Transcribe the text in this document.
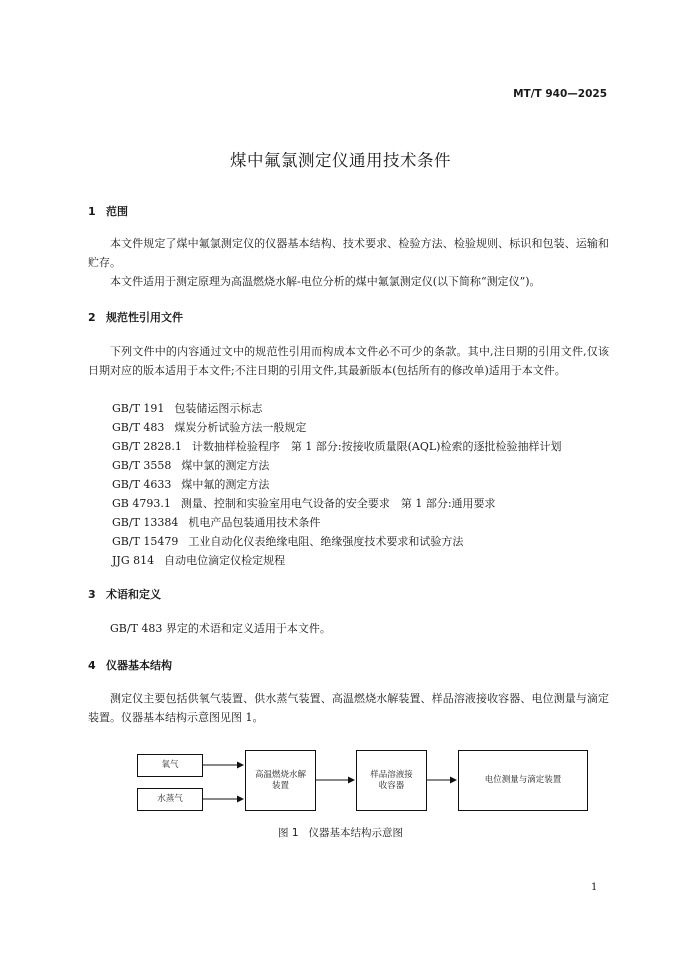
MT/T 940—2025
煤中氟氯测定仪通用技术条件
1 范围
本文件规定了煤中氟氯测定仪的仪器基本结构、技术要求、检验方法、检验规则、标识和包装、运输和贮存。
本文件适用于测定原理为高温燃烧水解-电位分析的煤中氟氯测定仪(以下简称“测定仪”)。
2 规范性引用文件
下列文件中的内容通过文中的规范性引用而构成本文件必不可少的条款。其中,注日期的引用文件,仅该日期对应的版本适用于本文件;不注日期的引用文件,其最新版本(包括所有的修改单)适用于本文件。
GB/T 191 包装储运图示标志
GB/T 483 煤炭分析试验方法一般规定
GB/T 2828.1 计数抽样检验程序　第 1 部分:按接收质量限(AQL)检索的逐批检验抽样计划
GB/T 3558 煤中氯的测定方法
GB/T 4633 煤中氟的测定方法
GB 4793.1 测量、控制和实验室用电气设备的安全要求　第 1 部分:通用要求
GB/T 13384 机电产品包装通用技术条件
GB/T 15479 工业自动化仪表绝缘电阻、绝缘强度技术要求和试验方法
JJG 814 自动电位滴定仪检定规程
3 术语和定义
GB/T 483 界定的术语和定义适用于本文件。
4 仪器基本结构
测定仪主要包括供氧气装置、供水蒸气装置、高温燃烧水解装置、样品溶液接收容器、电位测量与滴定装置。仪器基本结构示意图见图 1。
氧气
水蒸气
高温燃烧水解装置
样品溶液接收容器
电位测量与滴定装置
图 1 仪器基本结构示意图
1
